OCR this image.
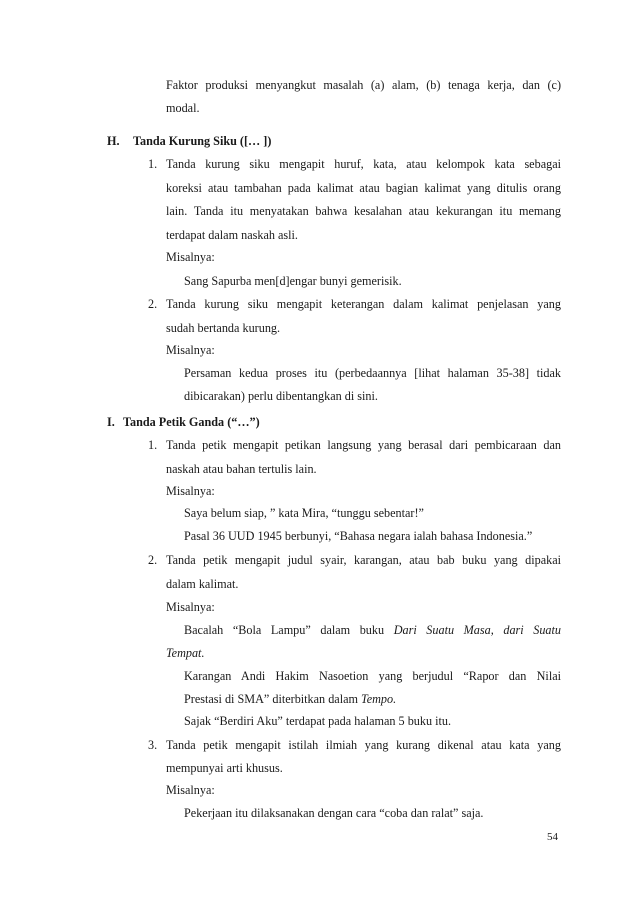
Faktor produksi menyangkut masalah (a) alam, (b) tenaga kerja, dan (c)
modal.
H. Tanda Kurung Siku ([… ])
1. Tanda kurung siku mengapit huruf, kata, atau kelompok kata sebagai
koreksi atau tambahan pada kalimat atau bagian kalimat yang ditulis orang
lain. Tanda itu menyatakan bahwa kesalahan atau kekurangan itu memang
terdapat dalam naskah asli.
Misalnya:
Sang Sapurba men[d]engar bunyi gemerisik.
2. Tanda kurung siku mengapit keterangan dalam kalimat penjelasan yang
sudah bertanda kurung.
Misalnya:
Persaman kedua proses itu (perbedaannya [lihat halaman 35-38] tidak
dibicarakan) perlu dibentangkan di sini.
I. Tanda Petik Ganda (“…”)
1. Tanda petik mengapit petikan langsung yang berasal dari pembicaraan dan
naskah atau bahan tertulis lain.
Misalnya:
Saya belum siap, ” kata Mira, “tunggu sebentar!”
Pasal 36 UUD 1945 berbunyi, “Bahasa negara ialah bahasa Indonesia.”
2. Tanda petik mengapit judul syair, karangan, atau bab buku yang dipakai
dalam kalimat.
Misalnya:
Bacalah “Bola Lampu” dalam buku Dari Suatu Masa, dari Suatu
Tempat.
Karangan Andi Hakim Nasoetion yang berjudul “Rapor dan Nilai
Prestasi di SMA” diterbitkan dalam Tempo.
Sajak “Berdiri Aku” terdapat pada halaman 5 buku itu.
3. Tanda petik mengapit istilah ilmiah yang kurang dikenal atau kata yang
mempunyai arti khusus.
Misalnya:
Pekerjaan itu dilaksanakan dengan cara “coba dan ralat” saja.
54
